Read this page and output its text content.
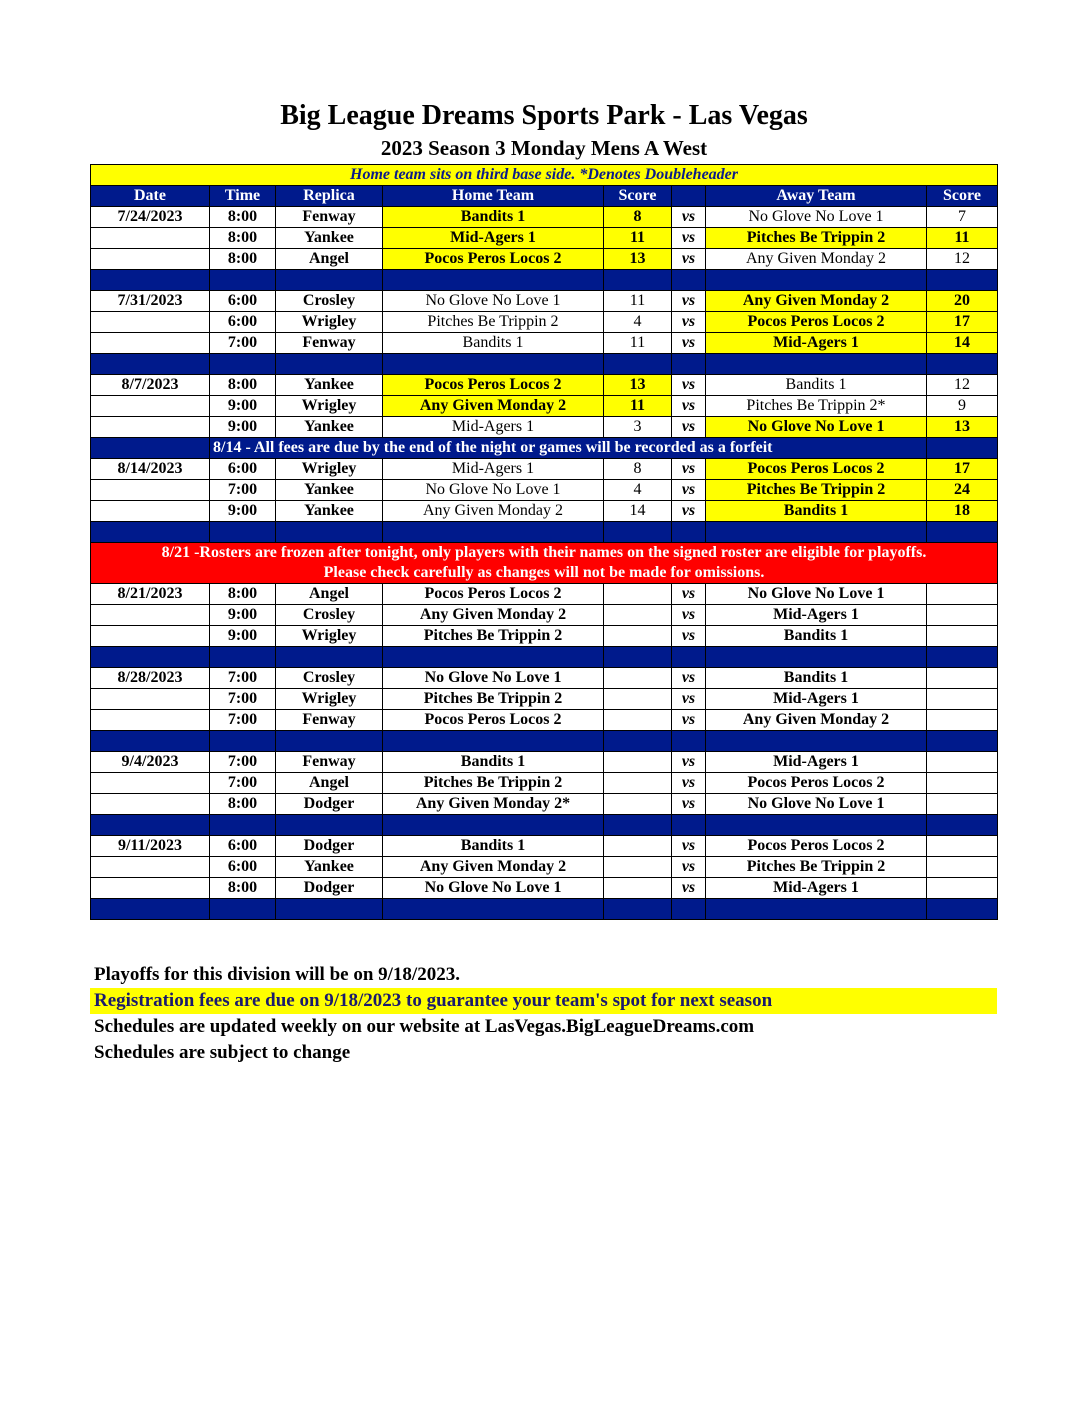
Big League Dreams Sports Park - Las Vegas
2023 Season 3 Monday Mens A West
Home team sits on third base side. *Denotes Doubleheader							
Date	Time	Replica	Home Team	Score		Away Team	Score
7/24/2023	8:00	Fenway	Bandits 1	8	vs	No Glove No Love 1	7
	8:00	Yankee	Mid-Agers 1	11	vs	Pitches Be Trippin 2	11
	8:00	Angel	Pocos Peros Locos 2	13	vs	Any Given Monday 2	12

7/31/2023	6:00	Crosley	No Glove No Love 1	11	vs	Any Given Monday 2	20
	6:00	Wrigley	Pitches Be Trippin 2	4	vs	Pocos Peros Locos 2	17
	7:00	Fenway	Bandits 1	11	vs	Mid-Agers 1	14

8/7/2023	8:00	Yankee	Pocos Peros Locos 2	13	vs	Bandits 1	12
	9:00	Wrigley	Any Given Monday 2	11	vs	Pitches Be Trippin 2*	9
	9:00	Yankee	Mid-Agers 1	3	vs	No Glove No Love 1	13
	8/14 - All fees are due by the end of the night or games will be recorded as a forfeit						
8/14/2023	6:00	Wrigley	Mid-Agers 1	8	vs	Pocos Peros Locos 2	17
	7:00	Yankee	No Glove No Love 1	4	vs	Pitches Be Trippin 2	24
	9:00	Yankee	Any Given Monday 2	14	vs	Bandits 1	18

8/21 -Rosters are frozen after tonight, only players with their names on the signed roster are eligible for playoffs.
Please check carefully as changes will not be made for omissions.							

8/21/2023	8:00	Angel	Pocos Peros Locos 2		vs	No Glove No Love 1	
	9:00	Crosley	Any Given Monday 2		vs	Mid-Agers 1	
	9:00	Wrigley	Pitches Be Trippin 2		vs	Bandits 1	

8/28/2023	7:00	Crosley	No Glove No Love 1		vs	Bandits 1	
	7:00	Wrigley	Pitches Be Trippin 2		vs	Mid-Agers 1	
	7:00	Fenway	Pocos Peros Locos 2		vs	Any Given Monday 2	

9/4/2023	7:00	Fenway	Bandits 1		vs	Mid-Agers 1	
	7:00	Angel	Pitches Be Trippin 2		vs	Pocos Peros Locos 2	
	8:00	Dodger	Any Given Monday 2*		vs	No Glove No Love 1	

9/11/2023	6:00	Dodger	Bandits 1		vs	Pocos Peros Locos 2	
	6:00	Yankee	Any Given Monday 2		vs	Pitches Be Trippin 2	
	8:00	Dodger	No Glove No Love 1		vs	Mid-Agers 1	

Playoffs for this division will be on 9/18/2023.
Registration fees are due on 9/18/2023 to guarantee your team's spot for next season
Schedules are updated weekly on our website at LasVegas.BigLeagueDreams.com
Schedules are subject to change
